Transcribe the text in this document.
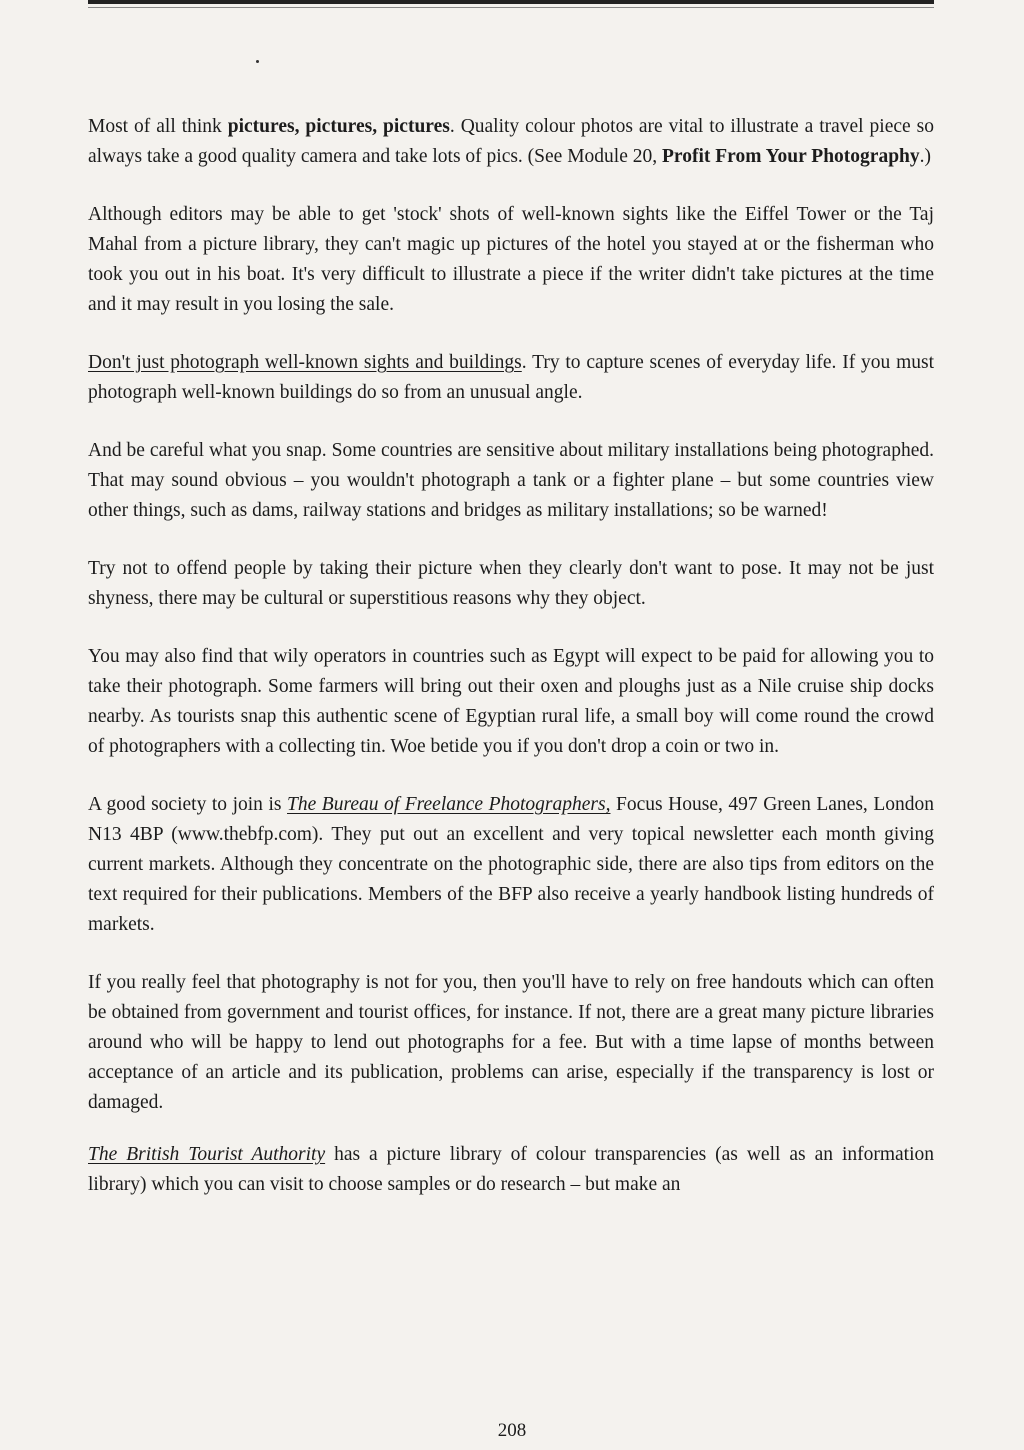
Most of all think pictures, pictures, pictures. Quality colour photos are vital to illustrate a travel piece so always take a good quality camera and take lots of pics. (See Module 20, Profit From Your Photography.)

Although editors may be able to get 'stock' shots of well-known sights like the Eiffel Tower or the Taj Mahal from a picture library, they can't magic up pictures of the hotel you stayed at or the fisherman who took you out in his boat. It's very difficult to illustrate a piece if the writer didn't take pictures at the time and it may result in you losing the sale.

Don't just photograph well-known sights and buildings. Try to capture scenes of everyday life. If you must photograph well-known buildings do so from an unusual angle.

And be careful what you snap. Some countries are sensitive about military installations being photographed. That may sound obvious – you wouldn't photograph a tank or a fighter plane – but some countries view other things, such as dams, railway stations and bridges as military installations; so be warned!

Try not to offend people by taking their picture when they clearly don't want to pose. It may not be just shyness, there may be cultural or superstitious reasons why they object.

You may also find that wily operators in countries such as Egypt will expect to be paid for allowing you to take their photograph. Some farmers will bring out their oxen and ploughs just as a Nile cruise ship docks nearby. As tourists snap this authentic scene of Egyptian rural life, a small boy will come round the crowd of photographers with a collecting tin. Woe betide you if you don't drop a coin or two in.

A good society to join is The Bureau of Freelance Photographers, Focus House, 497 Green Lanes, London N13 4BP (www.thebfp.com). They put out an excellent and very topical newsletter each month giving current markets. Although they concentrate on the photographic side, there are also tips from editors on the text required for their publications. Members of the BFP also receive a yearly handbook listing hundreds of markets.

If you really feel that photography is not for you, then you'll have to rely on free handouts which can often be obtained from government and tourist offices, for instance. If not, there are a great many picture libraries around who will be happy to lend out photographs for a fee. But with a time lapse of months between acceptance of an article and its publication, problems can arise, especially if the transparency is lost or damaged.

The British Tourist Authority has a picture library of colour transparencies (as well as an information library) which you can visit to choose samples or do research – but make an

208
